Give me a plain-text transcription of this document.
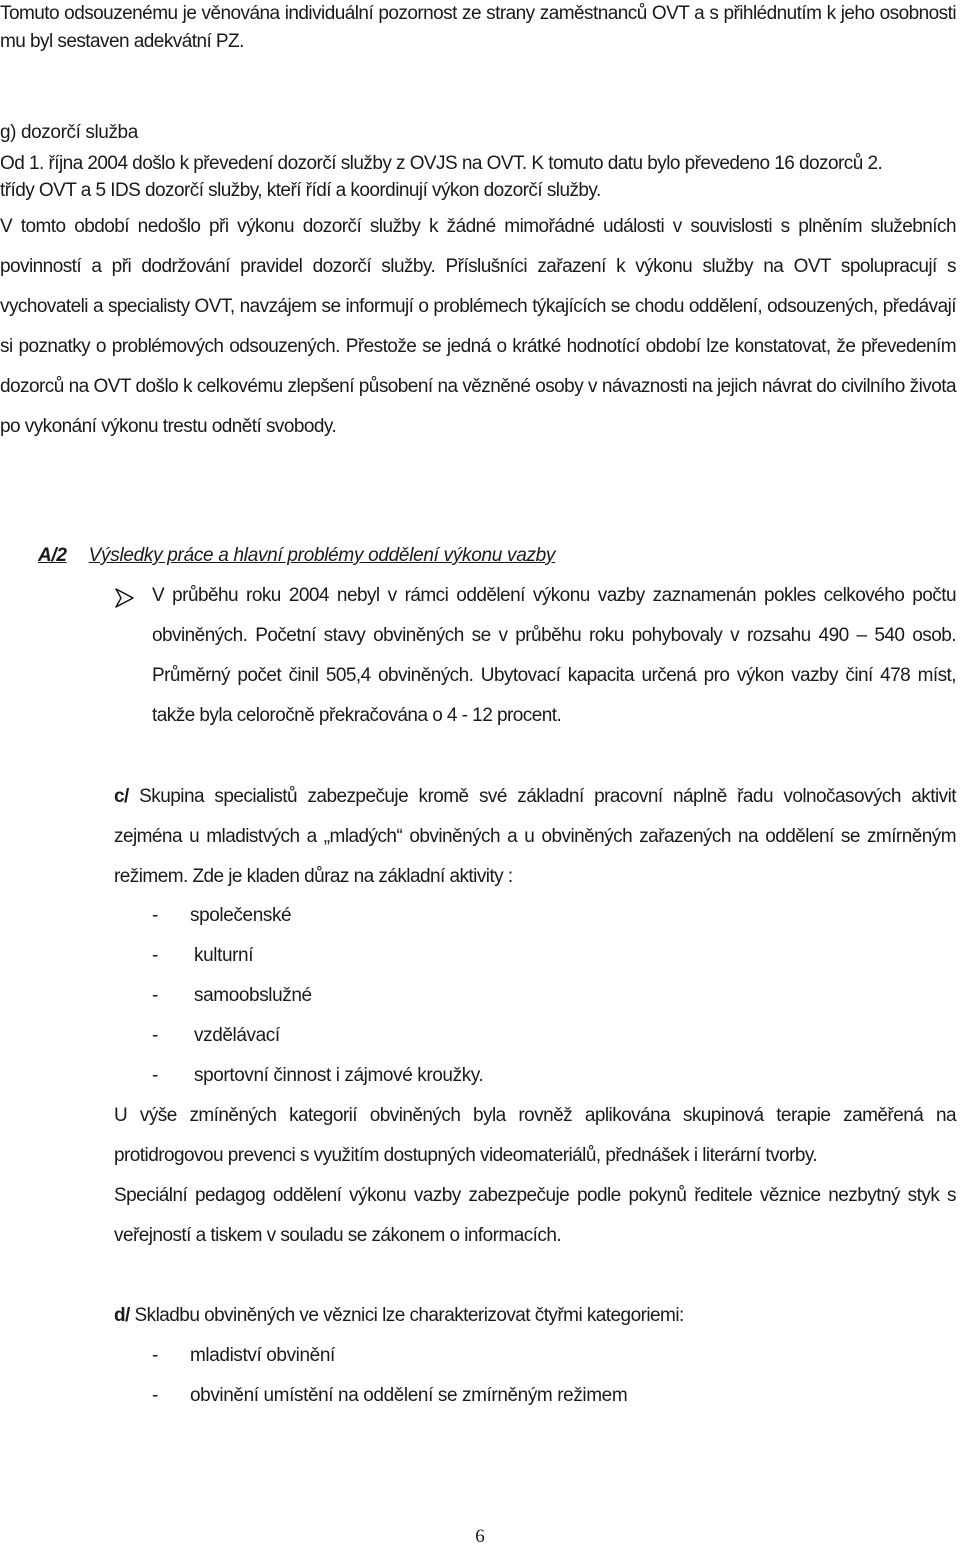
Tomuto odsouzenému je věnována individuální pozornost ze strany zaměstnanců OVT a s přihlédnutím k jeho osobnosti mu byl sestaven adekvátní PZ.

g) dozorčí služba

Od 1. října 2004 došlo k převedení dozorčí služby z OVJS na OVT. K tomuto datu bylo převedeno 16 dozorců 2.
třídy OVT a 5 IDS dozorčí služby, kteří řídí a koordinují výkon dozorčí služby.
V tomto období nedošlo při výkonu dozorčí služby k žádné mimořádné události v souvislosti s plněním služebních povinností a při dodržování pravidel dozorčí služby. Příslušníci zařazení k výkonu služby na OVT spolupracují s vychovateli a specialisty OVT, navzájem se informují o problémech týkajících se chodu oddělení, odsouzených, předávají si poznatky o problémových odsouzených. Přestože se jedná o krátké hodnotící období lze konstatovat, že převedením dozorců na OVT došlo k celkovému zlepšení působení na vězněné osoby v návaznosti na jejich návrat do civilního života po vykonání výkonu trestu odnětí svobody.

A/2 Výsledky práce a hlavní problémy oddělení výkonu vazby

V průběhu roku 2004 nebyl v rámci oddělení výkonu vazby zaznamenán pokles celkového počtu obviněných. Početní stavy obviněných se v průběhu roku pohybovaly v rozsahu 490 – 540 osob. Průměrný počet činil 505,4 obviněných. Ubytovací kapacita určená pro výkon vazby činí 478 míst, takže byla celoročně překračována o 4 - 12 procent.

c/ Skupina specialistů zabezpečuje kromě své základní pracovní náplně řadu volnočasových aktivit zejména u mladistvých a „mladých“ obviněných a u obviněných zařazených na oddělení se zmírněným režimem. Zde je kladen důraz na základní aktivity :

- společenské
- kulturní
- samoobslužné
- vzdělávací
- sportovní činnost i zájmové kroužky.

U výše zmíněných kategorií obviněných byla rovněž aplikována skupinová terapie zaměřená na protidrogovou prevenci s využitím dostupných videomateriálů, přednášek i literární tvorby.

Speciální pedagog oddělení výkonu vazby zabezpečuje podle pokynů ředitele věznice nezbytný styk s veřejností a tiskem v souladu se zákonem o informacích.

d/ Skladbu obviněných ve věznici lze charakterizovat čtyřmi kategoriemi:

- mladiství obvinění
- obvinění umístění na oddělení se zmírněným režimem
6
